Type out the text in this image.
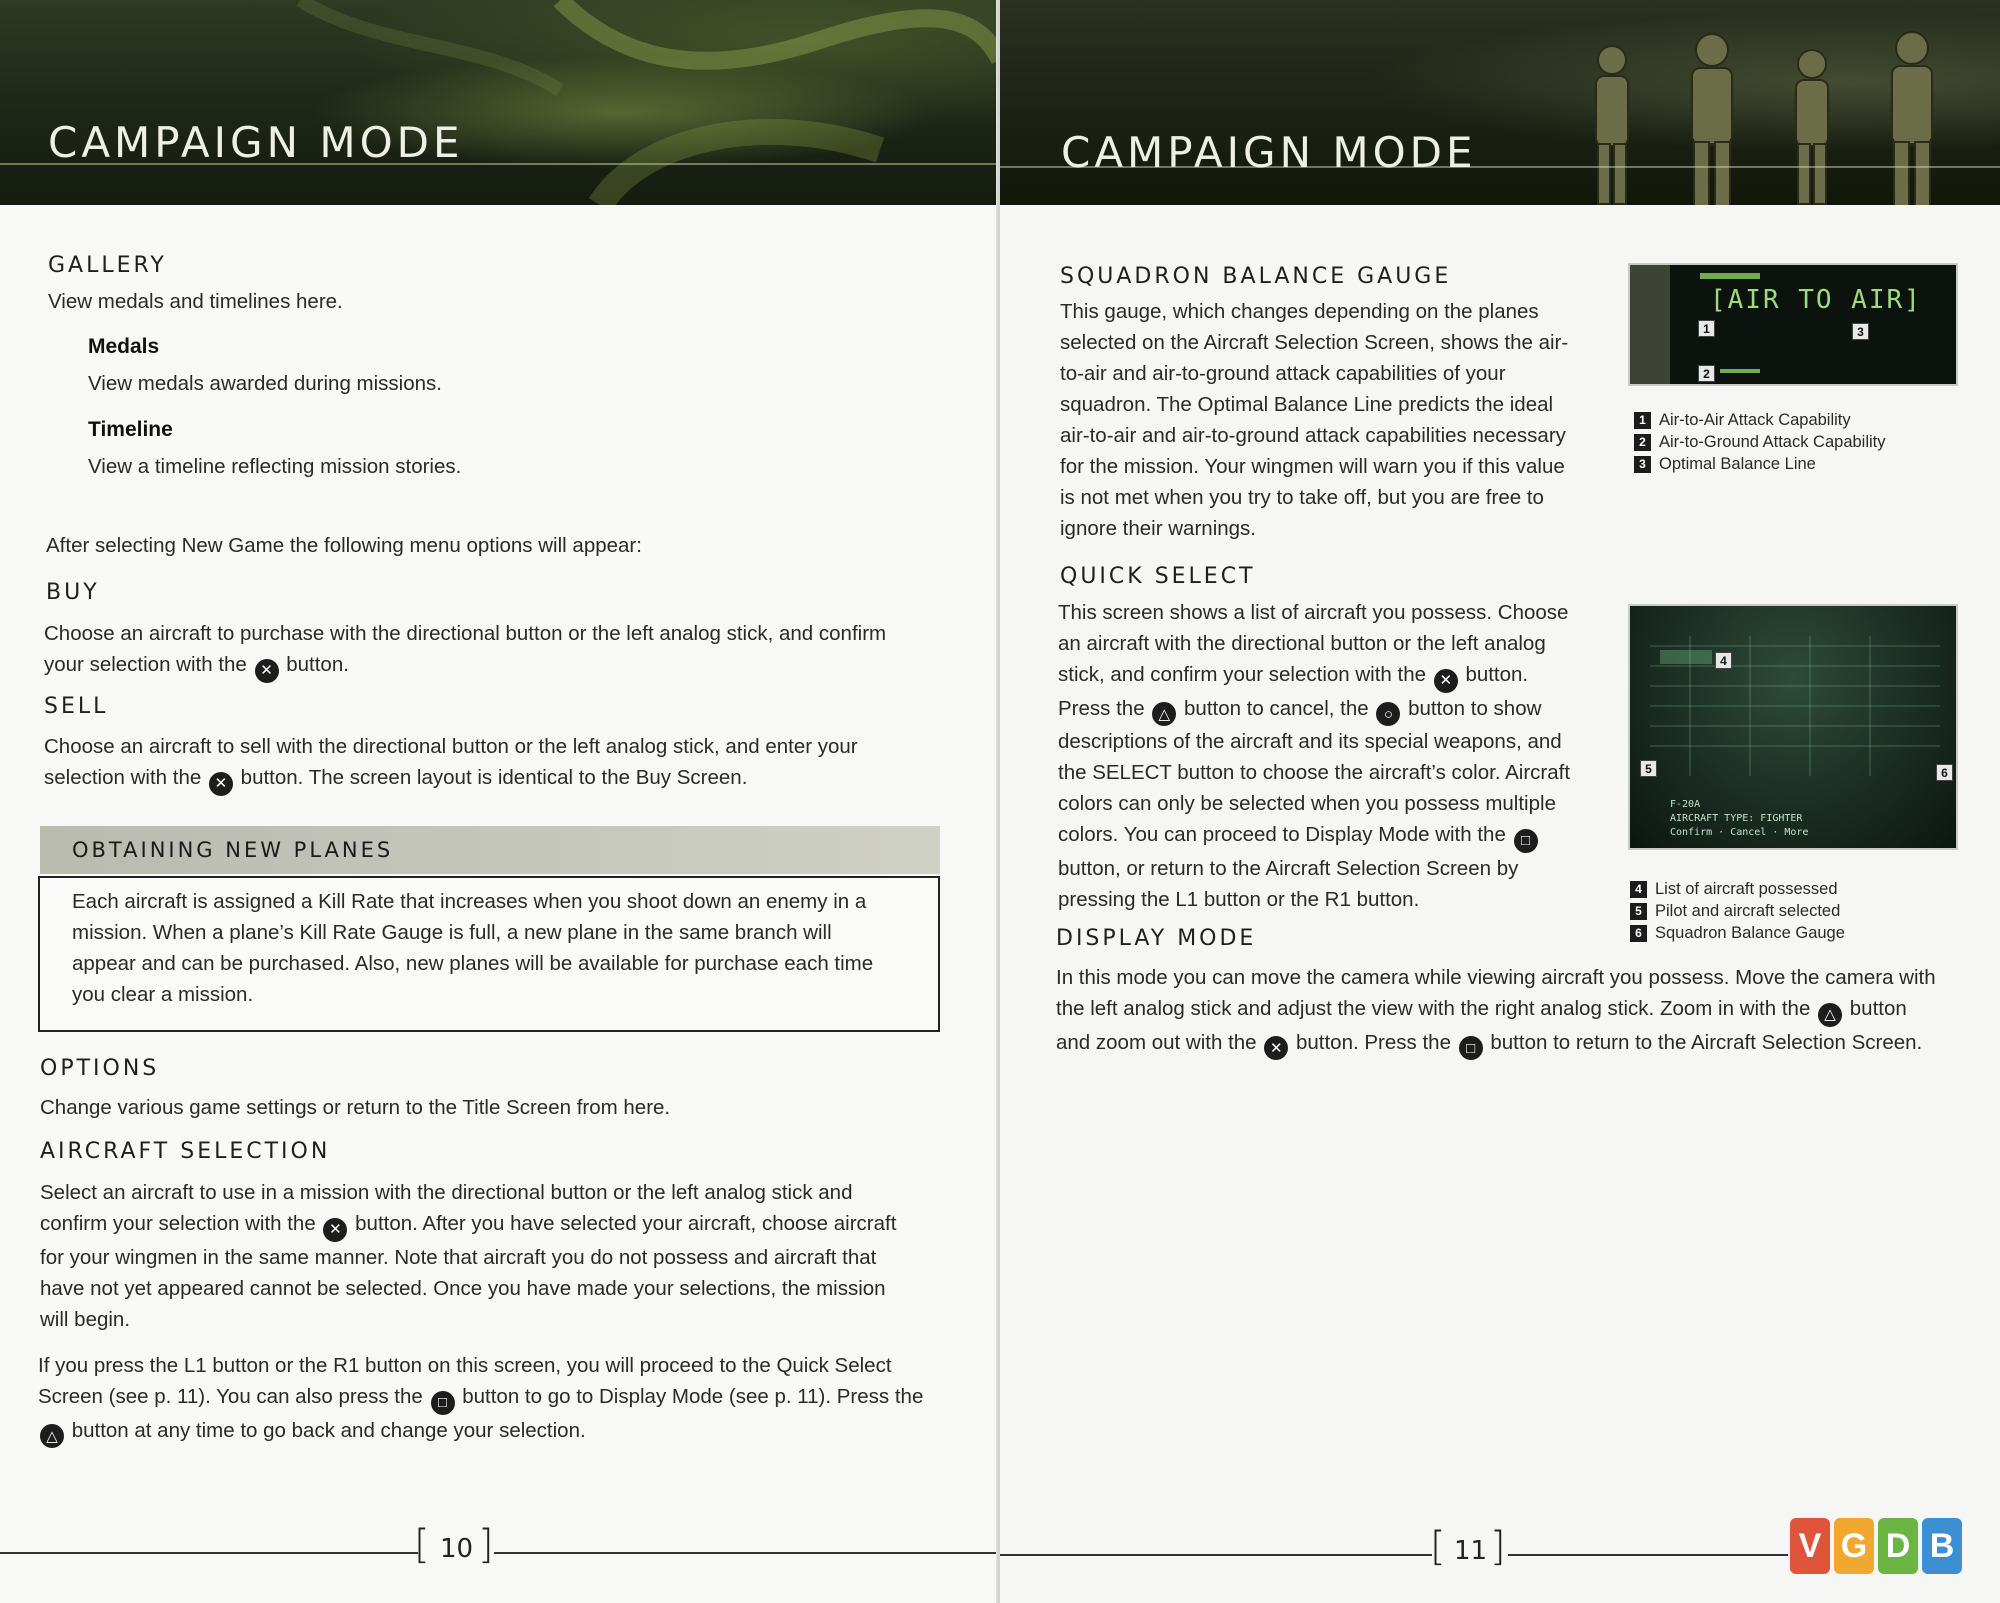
CAMPAIGN MODE
GALLERY
View medals and timelines here.
Medals
View medals awarded during missions.
Timeline
View a timeline reflecting mission stories.
After selecting New Game the following menu options will appear:
BUY
Choose an aircraft to purchase with the directional button or the left analog stick, and confirm
your selection with the ✕ button.
SELL
Choose an aircraft to sell with the directional button or the left analog stick, and enter your
selection with the ✕ button. The screen layout is identical to the Buy Screen.
OBTAINING NEW PLANES
Each aircraft is assigned a Kill Rate that increases when you shoot down an enemy in a
mission. When a plane’s Kill Rate Gauge is full, a new plane in the same branch will
appear and can be purchased. Also, new planes will be available for purchase each time
you clear a mission.
OPTIONS
Change various game settings or return to the Title Screen from here.
AIRCRAFT SELECTION
Select an aircraft to use in a mission with the directional button or the left analog stick and
confirm your selection with the ✕ button. After you have selected your aircraft, choose aircraft
for your wingmen in the same manner. Note that aircraft you do not possess and aircraft that
have not yet appeared cannot be selected. Once you have made your selections, the mission
will begin.
If you press the L1 button or the R1 button on this screen, you will proceed to the Quick Select
Screen (see p. 11). You can also press the □ button to go to Display Mode (see p. 11). Press the
△ button at any time to go back and change your selection.
[ 10 ]
CAMPAIGN MODE
SQUADRON BALANCE GAUGE
This gauge, which changes depending on the planes
selected on the Aircraft Selection Screen, shows the air-
to-air and air-to-ground attack capabilities of your
squadron. The Optimal Balance Line predicts the ideal
air-to-air and air-to-ground attack capabilities necessary
for the mission. Your wingmen will warn you if this value
is not met when you try to take off, but you are free to
ignore their warnings.
[AIR TO AIR]
1
2
3
1 Air-to-Air Attack Capability
2 Air-to-Ground Attack Capability
3 Optimal Balance Line
QUICK SELECT
This screen shows a list of aircraft you possess. Choose
an aircraft with the directional button or the left analog
stick, and confirm your selection with the ✕ button.
Press the △ button to cancel, the ○ button to show
descriptions of the aircraft and its special weapons, and
the SELECT button to choose the aircraft’s color. Aircraft
colors can only be selected when you possess multiple
colors. You can proceed to Display Mode with the □
button, or return to the Aircraft Selection Screen by
pressing the L1 button or the R1 button.
F-20A
AIRCRAFT TYPE: FIGHTER
Confirm · Cancel · More
4
5	6
4 List of aircraft possessed
5 Pilot and aircraft selected
6 Squadron Balance Gauge
DISPLAY MODE
In this mode you can move the camera while viewing aircraft you possess. Move the camera with
the left analog stick and adjust the view with the right analog stick. Zoom in with the △ button
and zoom out with the ✕ button. Press the □ button to return to the Aircraft Selection Screen.
[ 11 ]	V G D B
